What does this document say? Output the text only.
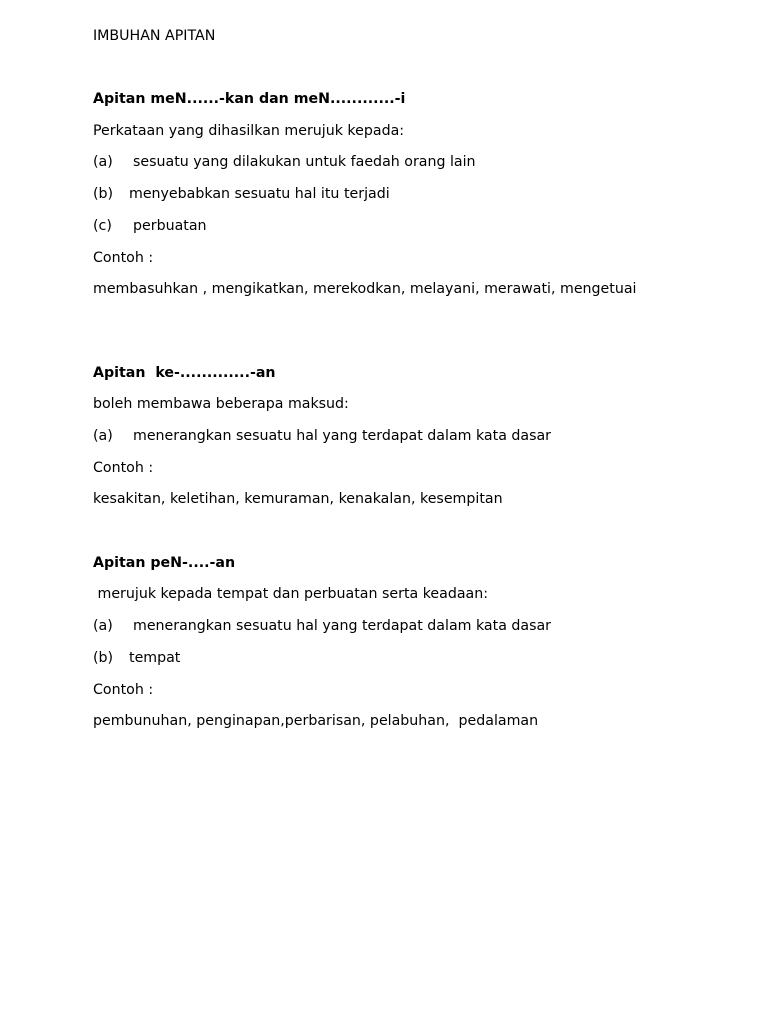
IMBUHAN APITAN
Apitan meN......-kan dan meN............-i
Perkataan yang dihasilkan merujuk kepada:
(a) sesuatu yang dilakukan untuk faedah orang lain
(b) menyebabkan sesuatu hal itu terjadi
(c) perbuatan
Contoh :
membasuhkan , mengikatkan, merekodkan, melayani, merawati, mengetuai
Apitan  ke-.............-an
boleh membawa beberapa maksud:
(a) menerangkan sesuatu hal yang terdapat dalam kata dasar
Contoh :
kesakitan, keletihan, kemuraman, kenakalan, kesempitan
Apitan peN-....-an
merujuk kepada tempat dan perbuatan serta keadaan:
(a) menerangkan sesuatu hal yang terdapat dalam kata dasar
(b) tempat
Contoh :
pembunuhan, penginapan,perbarisan, pelabuhan,  pedalaman
